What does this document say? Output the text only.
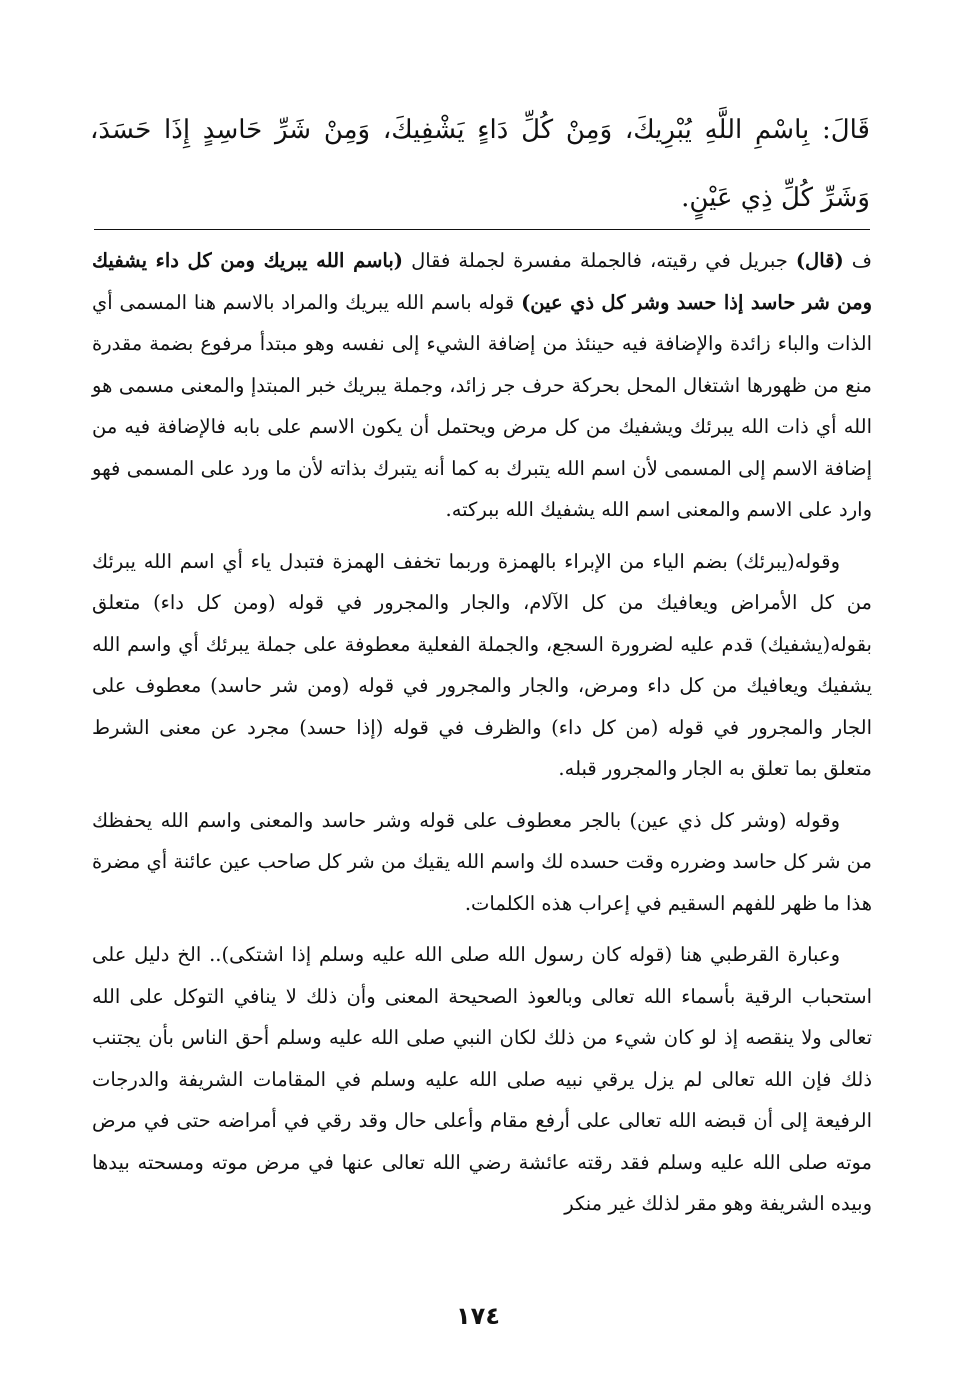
قَالَ: بِاسْمِ اللَّهِ يُبْرِيكَ، وَمِنْ كُلِّ دَاءٍ يَشْفِيكَ، وَمِنْ شَرِّ حَاسِدٍ إِذَا حَسَدَ، وَشَرِّ كُلِّ ذِي عَيْنٍ.

ف (قال) جبريل في رقيته، فالجملة مفسرة لجملة فقال (باسم الله يبريك ومن كل داء يشفيك ومن شر حاسد إذا حسد وشر كل ذي عين) قوله باسم الله يبريك والمراد بالاسم هنا المسمى أي الذات والباء زائدة والإضافة فيه حينئذ من إضافة الشيء إلى نفسه وهو مبتدأ مرفوع بضمة مقدرة منع من ظهورها اشتغال المحل بحركة حرف جر زائد، وجملة يبريك خبر المبتدإ والمعنى مسمى هو الله أي ذات الله يبرئك ويشفيك من كل مرض ويحتمل أن يكون الاسم على بابه فالإضافة فيه من إضافة الاسم إلى المسمى لأن اسم الله يتبرك به كما أنه يتبرك بذاته لأن ما ورد على المسمى فهو وارد على الاسم والمعنى اسم الله يشفيك الله ببركته.

وقوله(يبرئك) بضم الياء من الإبراء بالهمزة وربما تخفف الهمزة فتبدل ياء أي اسم الله يبرئك من كل الأمراض ويعافيك من كل الآلام، والجار والمجرور في قوله (ومن كل داء) متعلق بقوله(يشفيك) قدم عليه لضرورة السجع، والجملة الفعلية معطوفة على جملة يبرئك أي واسم الله يشفيك ويعافيك من كل داء ومرض، والجار والمجرور في قوله (ومن شر حاسد) معطوف على الجار والمجرور في قوله (من كل داء) والظرف في قوله (إذا حسد) مجرد عن معنى الشرط متعلق بما تعلق به الجار والمجرور قبله.

وقوله (وشر كل ذي عين) بالجر معطوف على قوله وشر حاسد والمعنى واسم الله يحفظك من شر كل حاسد وضرره وقت حسده لك واسم الله يقيك من شر كل صاحب عين عائنة أي مضرة هذا ما ظهر للفهم السقيم في إعراب هذه الكلمات.

وعبارة القرطبي هنا (قوله كان رسول الله صلى الله عليه وسلم إذا اشتكى).. الخ دليل على استحباب الرقية بأسماء الله تعالى وبالعوذ الصحيحة المعنى وأن ذلك لا ينافي التوكل على الله تعالى ولا ينقصه إذ لو كان شيء من ذلك لكان النبي صلى الله عليه وسلم أحق الناس بأن يجتنب ذلك فإن الله تعالى لم يزل يرقي نبيه صلى الله عليه وسلم في المقامات الشريفة والدرجات الرفيعة إلى أن قبضه الله تعالى على أرفع مقام وأعلى حال وقد رقي في أمراضه حتى في مرض موته صلى الله عليه وسلم فقد رقته عائشة رضي الله تعالى عنها في مرض موته ومسحته بيدها وبيده الشريفة وهو مقر لذلك غير منكر

١٧٤
